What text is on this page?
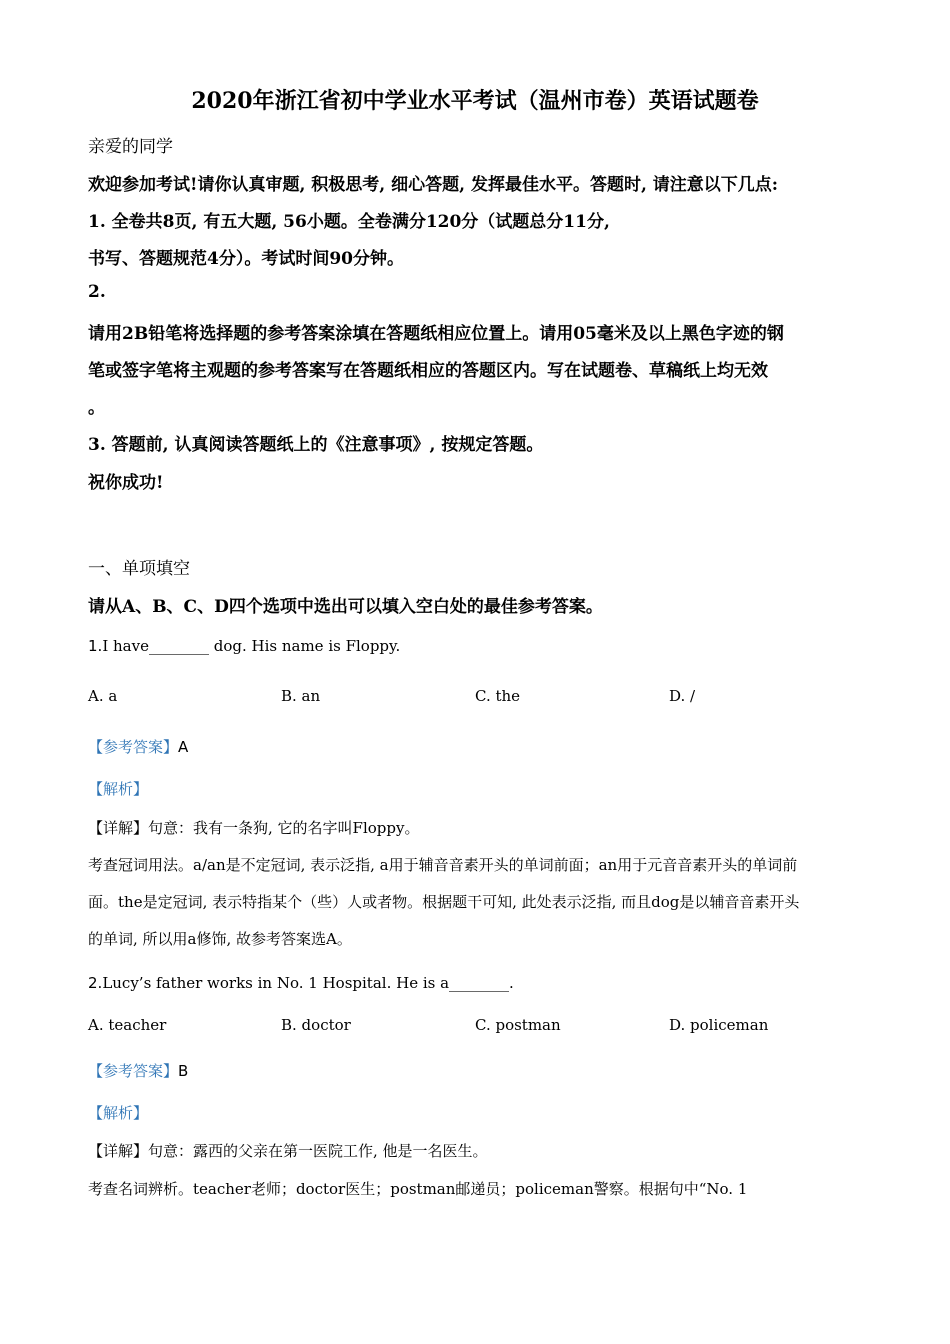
2020年浙江省初中学业水平考试（温州市卷）英语试题卷
亲爱的同学
欢迎参加考试!请你认真审题, 积极思考, 细心答题, 发挥最佳水平。答题时, 请注意以下几点:
1. 全卷共8页, 有五大题, 56小题。全卷满分120分（试题总分11分,
书写、答题规范4分）。考试时间90分钟。
2.
请用2B铅笔将选择题的参考答案涂填在答题纸相应位置上。请用05毫米及以上黑色字迹的钢
笔或签字笔将主观题的参考答案写在答题纸相应的答题区内。写在试题卷、草稿纸上均无效
。
3. 答题前, 认真阅读答题纸上的《注意事项》, 按规定答题。
祝你成功!
一、单项填空
请从A、B、C、D四个选项中选出可以填入空白处的最佳参考答案。
1.I have________ dog. His name is Floppy.
A. a	B. an	C. the	D. /
【参考答案】A
【解析】
【详解】句意：我有一条狗, 它的名字叫Floppy。
考查冠词用法。a/an是不定冠词, 表示泛指, a用于辅音音素开头的单词前面；an用于元音音素开头的单词前
面。the是定冠词, 表示特指某个（些）人或者物。根据题干可知, 此处表示泛指, 而且dog是以辅音音素开头
的单词, 所以用a修饰, 故参考答案选A。
2.Lucy’s father works in No. 1 Hospital. He is a________.
A. teacher	B. doctor	C. postman	D. policeman
【参考答案】B
【解析】
【详解】句意：露西的父亲在第一医院工作, 他是一名医生。
考查名词辨析。teacher老师；doctor医生；postman邮递员；policeman警察。根据句中“No. 1
